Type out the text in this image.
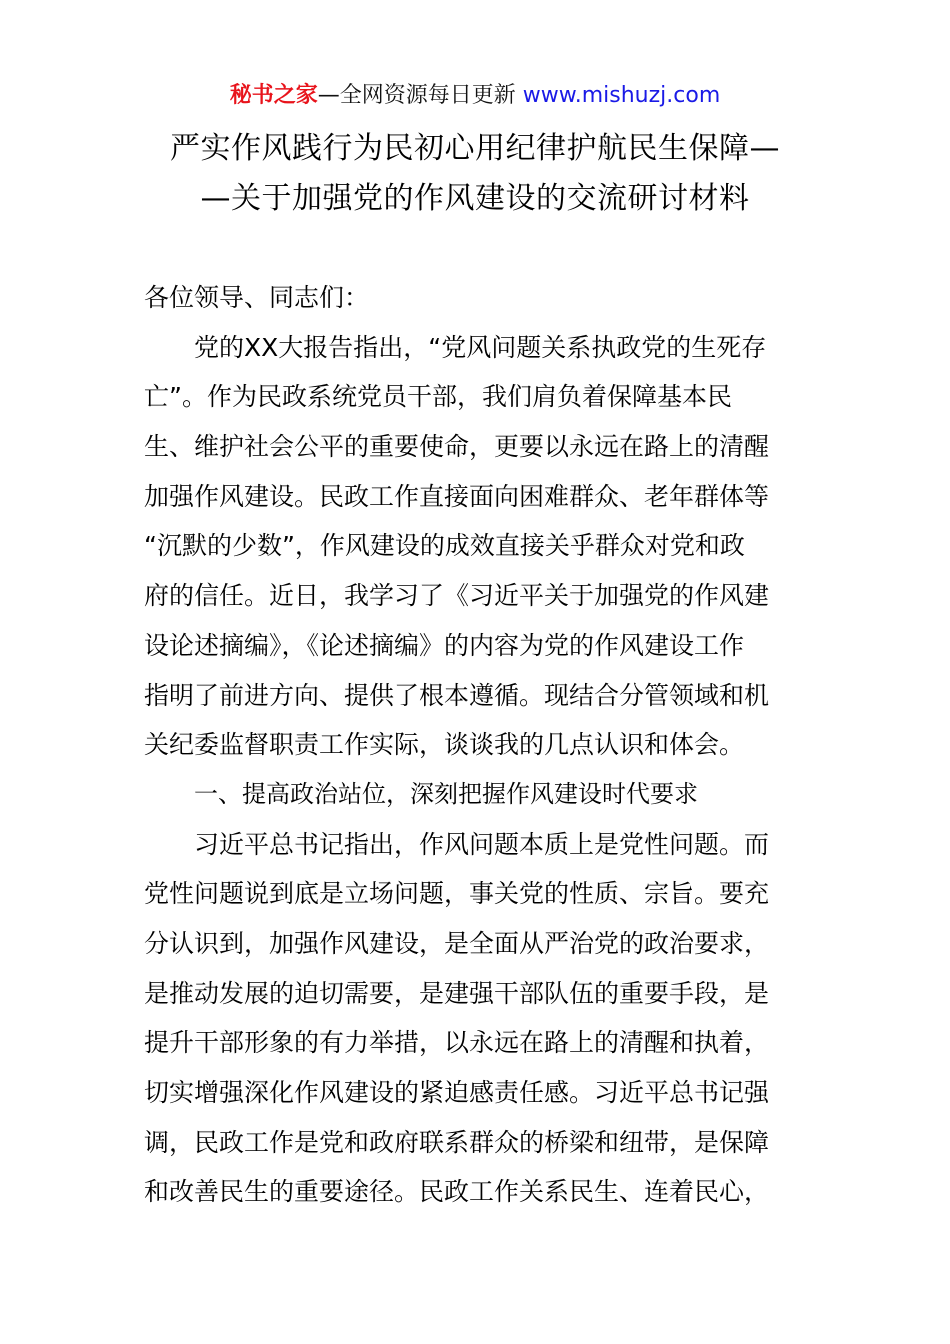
秘书之家—全网资源每日更新 www.mishuzj.com
严实作风践行为民初心用纪律护航民生保障—
—关于加强党的作风建设的交流研讨材料
各位领导、同志们：
党的XX大报告指出，“党风问题关系执政党的生死存
亡”。作为民政系统党员干部，我们肩负着保障基本民
生、维护社会公平的重要使命，更要以永远在路上的清醒
加强作风建设。民政工作直接面向困难群众、老年群体等
“沉默的少数”，作风建设的成效直接关乎群众对党和政
府的信任。近日，我学习了《习近平关于加强党的作风建
设论述摘编》，《论述摘编》的内容为党的作风建设工作
指明了前进方向、提供了根本遵循。现结合分管领域和机
关纪委监督职责工作实际，谈谈我的几点认识和体会。
一、提高政治站位，深刻把握作风建设时代要求
习近平总书记指出，作风问题本质上是党性问题。而
党性问题说到底是立场问题，事关党的性质、宗旨。要充
分认识到，加强作风建设，是全面从严治党的政治要求，
是推动发展的迫切需要，是建强干部队伍的重要手段，是
提升干部形象的有力举措，以永远在路上的清醒和执着，
切实增强深化作风建设的紧迫感责任感。习近平总书记强
调，民政工作是党和政府联系群众的桥梁和纽带，是保障
和改善民生的重要途径。民政工作关系民生、连着民心，
